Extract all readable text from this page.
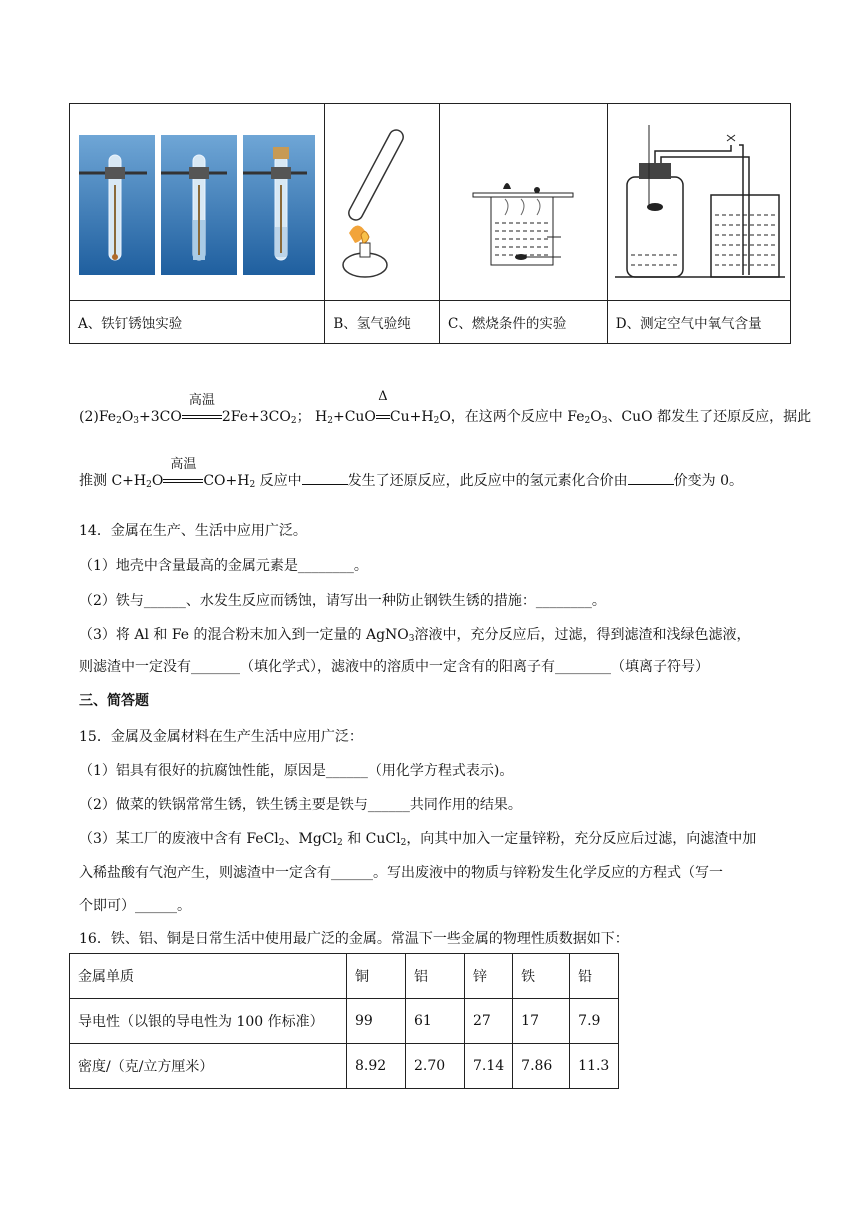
A、铁钉锈蚀实验	B、氢气验纯	C、燃烧条件的实验	D、测定空气中氧气含量
$(2)Fe_2O_3+3CO$
高温
$2Fe+3CO_2$； $H_2+CuO$
Δ
$Cu+H_2O$，在这两个反应中 $Fe_2O_3$、CuO 都发生了还原反应，据此
推测 $C+H_2O$
高温
$CO+H_2$ 反应中	发生了还原反应，此反应中的氢元素化合价由	价变为 0。
14．金属在生产、生活中应用广泛。
（1）地壳中含量最高的金属元素是________。
（2）铁与______、水发生反应而锈蚀，请写出一种防止钢铁生锈的措施：________。
（3）将 Al 和 Fe 的混合粉末加入到一定量的 AgNO$_3$溶液中，充分反应后，过滤，得到滤渣和浅绿色滤液，
则滤渣中一定没有_______（填化学式），滤液中的溶质中一定含有的阳离子有________（填离子符号）
三、简答题
15．金属及金属材料在生产生活中应用广泛：
（1）铝具有很好的抗腐蚀性能，原因是______（用化学方程式表示)。
（2）做菜的铁锅常常生锈，铁生锈主要是铁与______共同作用的结果。
（3）某工厂的废液中含有 FeCl$_2$、MgCl$_2$ 和 CuCl$_2$，向其中加入一定量锌粉，充分反应后过滤，向滤渣中加
入稀盐酸有气泡产生，则滤渣中一定含有______。写出废液中的物质与锌粉发生化学反应的方程式（写一
个即可）______。
16．铁、铝、铜是日常生活中使用最广泛的金属。常温下一些金属的物理性质数据如下：
金属单质	铜	铝	锌	铁	铅
导电性（以银的导电性为 100 作标准）	99	61	27	17	7.9
密度/（克/立方厘米）	8.92	2.70	7.14	7.86	11.3
